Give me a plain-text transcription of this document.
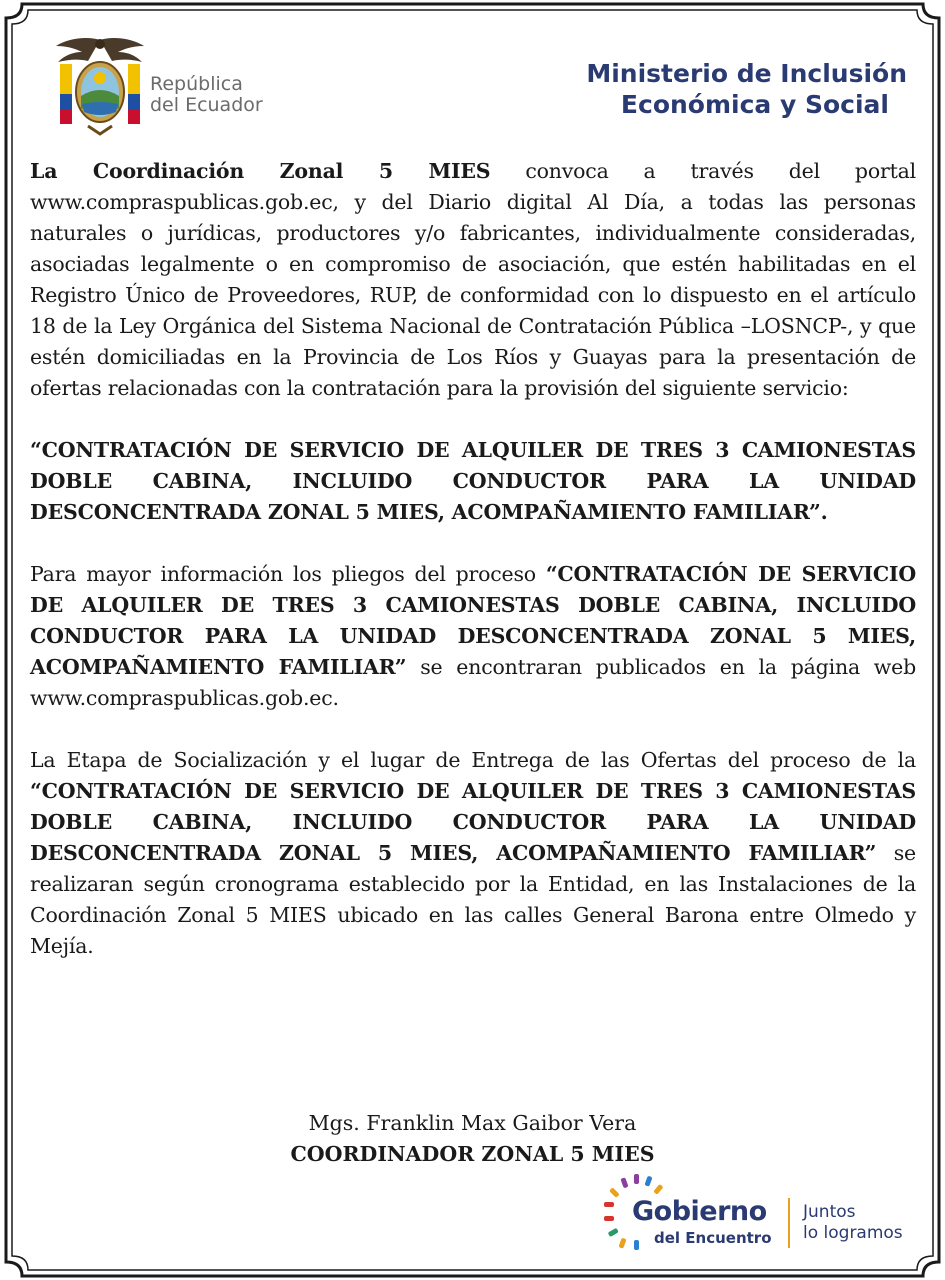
República
del Ecuador
Ministerio de Inclusión
Económica y Social

La Coordinación Zonal 5 MIES convoca a través del portal www.compraspublicas.gob.ec, y del Diario digital Al Día, a todas las personas naturales o jurídicas, productores y/o fabricantes, individualmente consideradas, asociadas legalmente o en compromiso de asociación, que estén habilitadas en el Registro Único de Proveedores, RUP, de conformidad con lo dispuesto en el artículo 18 de la Ley Orgánica del Sistema Nacional de Contratación Pública –LOSNCP-, y que estén domiciliadas en la Provincia de Los Ríos y Guayas para la presentación de ofertas relacionadas con la contratación para la provisión del siguiente servicio:

“CONTRATACIÓN DE SERVICIO DE ALQUILER DE TRES 3 CAMIONESTAS DOBLE CABINA, INCLUIDO CONDUCTOR PARA LA UNIDAD DESCONCENTRADA ZONAL 5 MIES, ACOMPAÑAMIENTO FAMILIAR”.

Para mayor información los pliegos del proceso “CONTRATACIÓN DE SERVICIO DE ALQUILER DE TRES 3 CAMIONESTAS DOBLE CABINA, INCLUIDO CONDUCTOR PARA LA UNIDAD DESCONCENTRADA ZONAL 5 MIES, ACOMPAÑAMIENTO FAMILIAR” se encontraran publicados en la página web www.compraspublicas.gob.ec.

La Etapa de Socialización y el lugar de Entrega de las Ofertas del proceso de la “CONTRATACIÓN DE SERVICIO DE ALQUILER DE TRES 3 CAMIONESTAS DOBLE CABINA, INCLUIDO CONDUCTOR PARA LA UNIDAD DESCONCENTRADA ZONAL 5 MIES, ACOMPAÑAMIENTO FAMILIAR” se realizaran según cronograma establecido por la Entidad, en las Instalaciones de la Coordinación Zonal 5 MIES ubicado en las calles General Barona entre Olmedo y Mejía.

Mgs. Franklin Max Gaibor Vera
COORDINADOR ZONAL 5 MIES
Gobierno
del Encuentro
Juntos
lo logramos
